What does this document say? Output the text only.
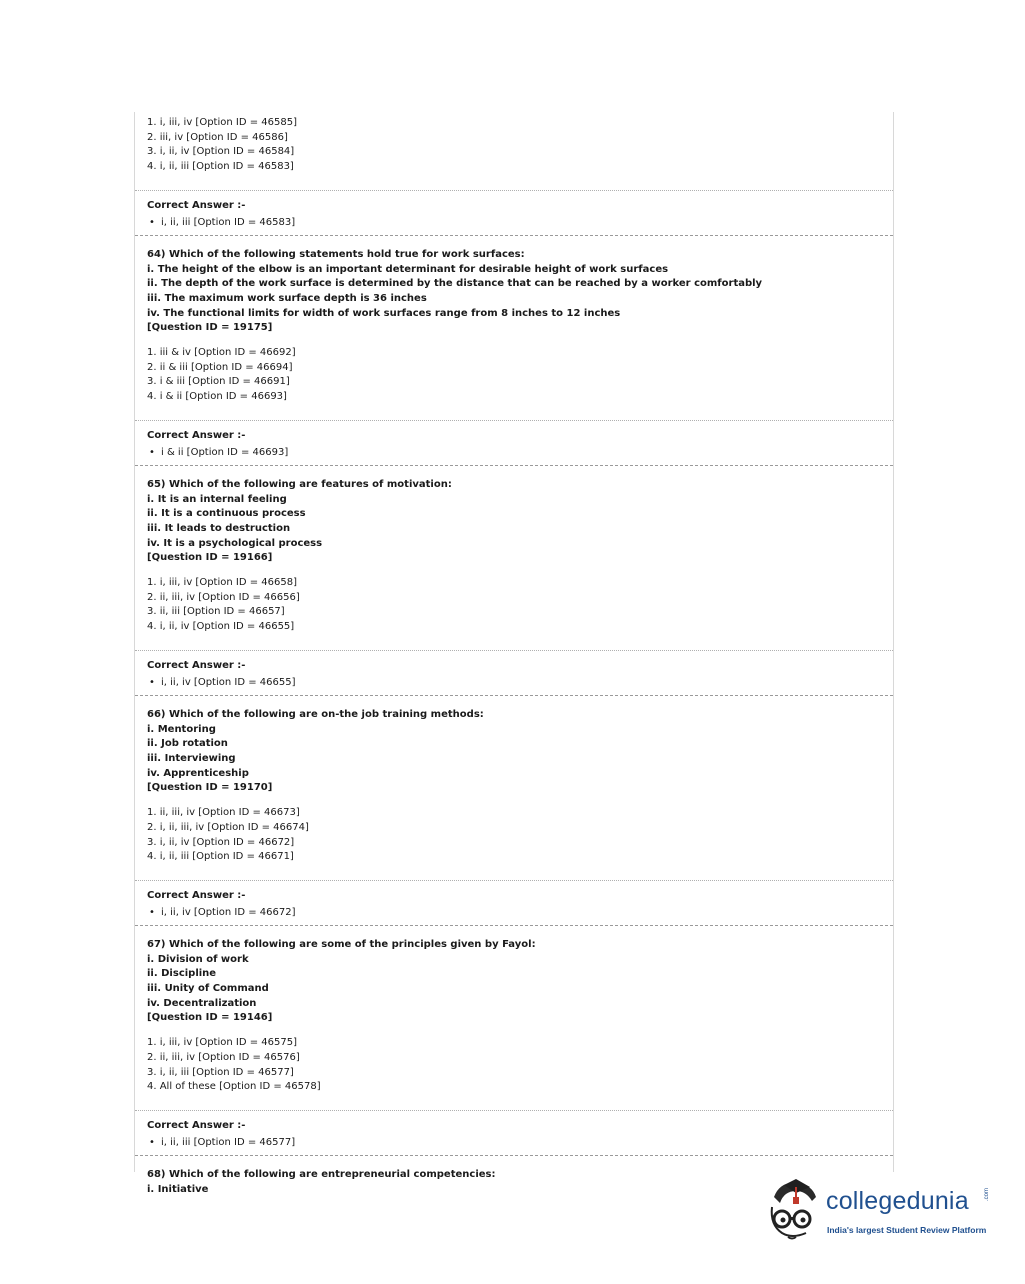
1. i, iii, iv [Option ID = 46585]
2. iii, iv [Option ID = 46586]
3. i, ii, iv [Option ID = 46584]
4. i, ii, iii [Option ID = 46583]
Correct Answer :-
• i, ii, iii [Option ID = 46583]
64) Which of the following statements hold true for work surfaces:
i. The height of the elbow is an important determinant for desirable height of work surfaces
ii. The depth of the work surface is determined by the distance that can be reached by a worker comfortably
iii. The maximum work surface depth is 36 inches
iv. The functional limits for width of work surfaces range from 8 inches to 12 inches
[Question ID = 19175]
1. iii & iv [Option ID = 46692]
2. ii & iii [Option ID = 46694]
3. i & iii [Option ID = 46691]
4. i & ii [Option ID = 46693]
Correct Answer :-
• i & ii [Option ID = 46693]
65) Which of the following are features of motivation:
i. It is an internal feeling
ii. It is a continuous process
iii. It leads to destruction
iv. It is a psychological process
[Question ID = 19166]
1. i, iii, iv [Option ID = 46658]
2. ii, iii, iv [Option ID = 46656]
3. ii, iii [Option ID = 46657]
4. i, ii, iv [Option ID = 46655]
Correct Answer :-
• i, ii, iv [Option ID = 46655]
66) Which of the following are on-the job training methods:
i. Mentoring
ii. Job rotation
iii. Interviewing
iv. Apprenticeship
[Question ID = 19170]
1. ii, iii, iv [Option ID = 46673]
2. i, ii, iii, iv [Option ID = 46674]
3. i, ii, iv [Option ID = 46672]
4. i, ii, iii [Option ID = 46671]
Correct Answer :-
• i, ii, iv [Option ID = 46672]
67) Which of the following are some of the principles given by Fayol:
i. Division of work
ii. Discipline
iii. Unity of Command
iv. Decentralization
[Question ID = 19146]
1. i, iii, iv [Option ID = 46575]
2. ii, iii, iv [Option ID = 46576]
3. i, ii, iii [Option ID = 46577]
4. All of these [Option ID = 46578]
Correct Answer :-
• i, ii, iii [Option ID = 46577]
68) Which of the following are entrepreneurial competencies:
i. Initiative	collegedunia	.com
India's largest Student Review Platform
